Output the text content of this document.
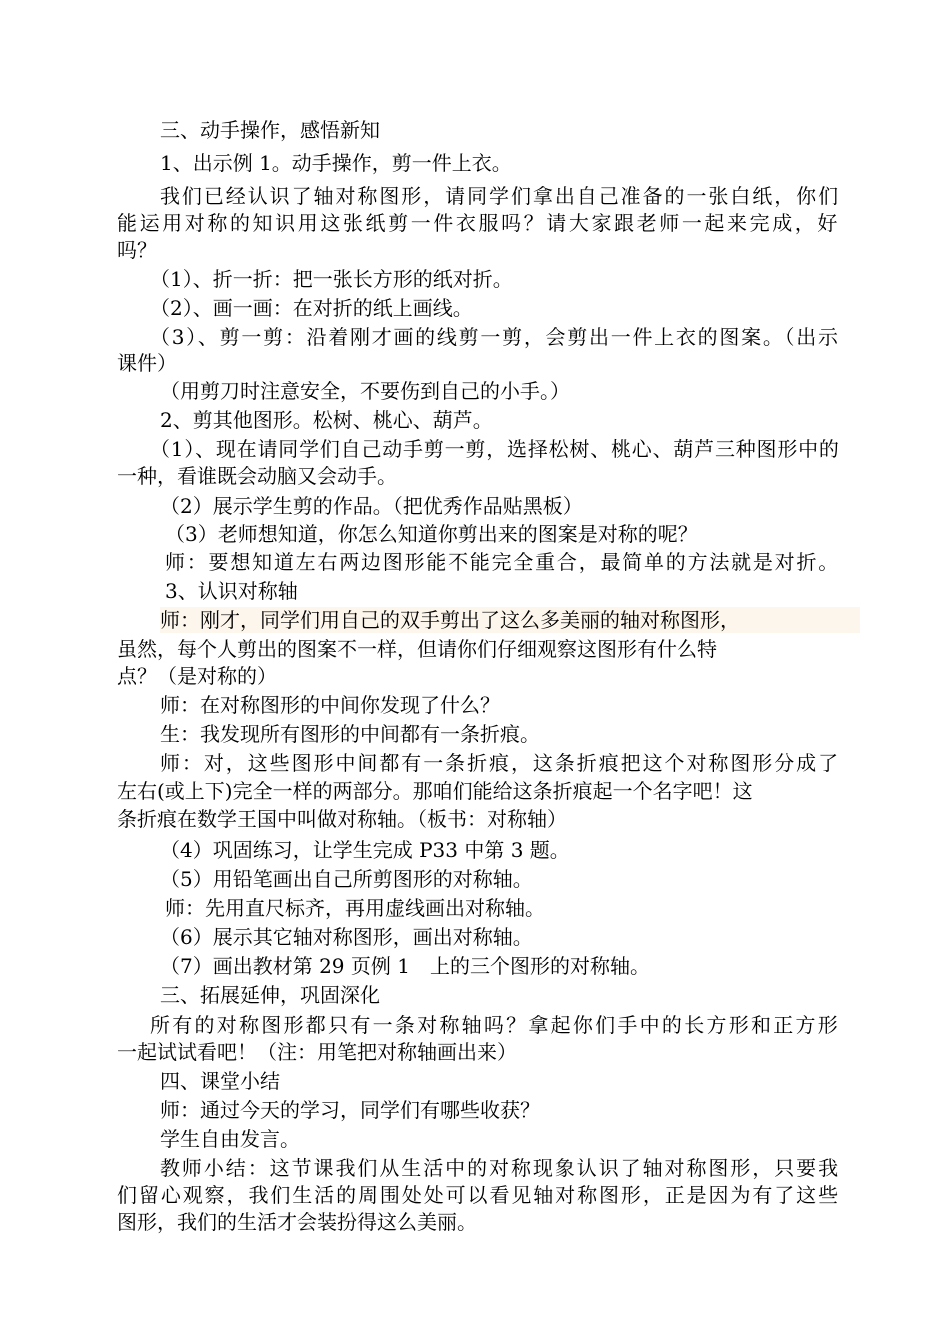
三、动手操作，感悟新知
1、出示例 1。动手操作，剪一件上衣。
我们已经认识了轴对称图形，请同学们拿出自己准备的一张白纸，你们
能运用对称的知识用这张纸剪一件衣服吗？请大家跟老师一起来完成，好
吗？
（1）、折一折：把一张长方形的纸对折。
（2）、画一画：在对折的纸上画线。
（3）、剪一剪：沿着刚才画的线剪一剪，会剪出一件上衣的图案。（出示
课件）
（用剪刀时注意安全，不要伤到自己的小手。）
2、剪其他图形。松树、桃心、葫芦。
（1）、现在请同学们自己动手剪一剪，选择松树、桃心、葫芦三种图形中的
一种，看谁既会动脑又会动手。
（2）展示学生剪的作品。（把优秀作品贴黑板）
（3）老师想知道，你怎么知道你剪出来的图案是对称的呢？
师：要想知道左右两边图形能不能完全重合，最简单的方法就是对折。
3、认识对称轴
师：刚才，同学们用自己的双手剪出了这么多美丽的轴对称图形，
虽然，每个人剪出的图案不一样，但请你们仔细观察这图形有什么特
点？（是对称的）
师：在对称图形的中间你发现了什么？
生：我发现所有图形的中间都有一条折痕。
师：对，这些图形中间都有一条折痕，这条折痕把这个对称图形分成了
左右(或上下)完全一样的两部分。那咱们能给这条折痕起一个名字吧！这
条折痕在数学王国中叫做对称轴。（板书：对称轴）
（4）巩固练习，让学生完成 P33 中第 3 题。
（5）用铅笔画出自己所剪图形的对称轴。
师：先用直尺标齐，再用虚线画出对称轴。
（6）展示其它轴对称图形，画出对称轴。
（7）画出教材第 29 页例 1　上的三个图形的对称轴。
三、拓展延伸，巩固深化
所有的对称图形都只有一条对称轴吗？拿起你们手中的长方形和正方形
一起试试看吧！（注：用笔把对称轴画出来）
四、课堂小结
师：通过今天的学习，同学们有哪些收获？
学生自由发言。
教师小结：这节课我们从生活中的对称现象认识了轴对称图形，只要我
们留心观察，我们生活的周围处处可以看见轴对称图形，正是因为有了这些
图形，我们的生活才会装扮得这么美丽。
